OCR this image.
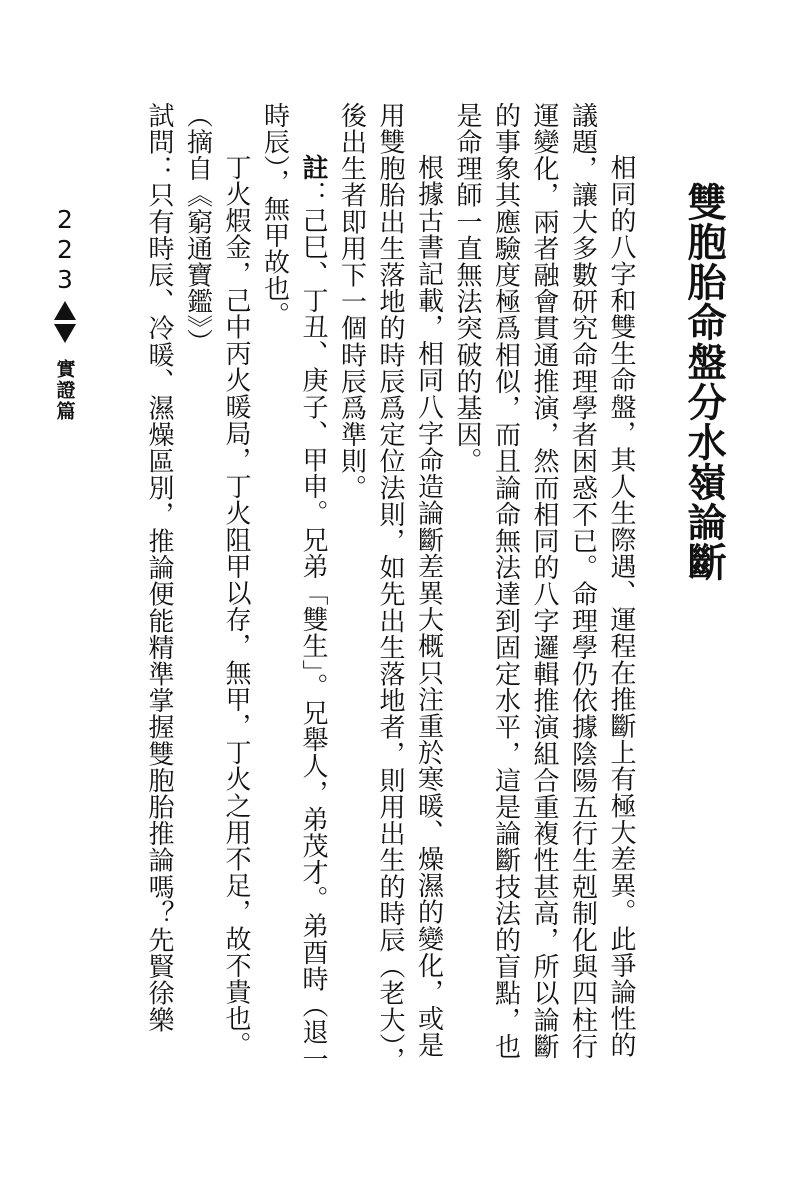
雙胞胎命盤分水嶺論斷

相同的八字和雙生命盤，其人生際遇、運程在推斷上有極大差異。此爭論性的議題，讓大多數研究命理學者困惑不已。命理學仍依據陰陽五行生剋制化與四柱行運變化，兩者融會貫通推演，然而相同的八字邏輯推演組合重複性甚高，所以論斷的事象其應驗度極爲相似，而且論命無法達到固定水平，這是論斷技法的盲點，也是命理師一直無法突破的基因。

根據古書記載，相同八字命造論斷差異大概只注重於寒暖、燥濕的變化，或是用雙胞胎出生落地的時辰爲定位法則，如先出生落地者，則用出生的時辰（老大），後出生者即用下一個時辰爲準則。

註：己巳、丁丑、庚子、甲申。兄弟「雙生」。兄舉人，弟茂才。弟酉時（退一時辰），無甲故也。

丁火煆金，己中丙火暖局，丁火阻甲以存，無甲，丁火之用不足，故不貴也。（摘自《窮通寶鑑》）

試問：只有時辰、冷暖、濕燥區別，推論便能精準掌握雙胞胎推論嗎？先賢徐樂

223
實證篇
